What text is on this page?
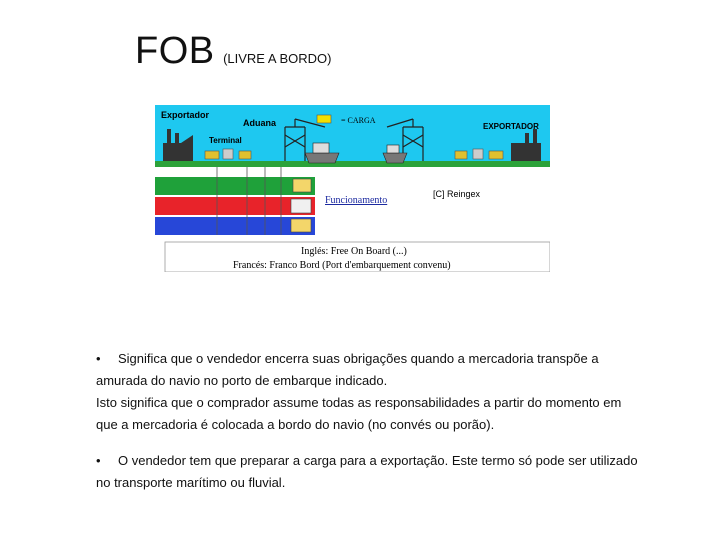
FOB (LIVRE A BORDO)
Exportador
Aduana
Terminal
= CARGA
EXPORTADOR
Funcionamento
[C] Reingex
Inglés: Free On Board (...)
Francés: Franco Bord (Port d'embarquement convenu)
• Significa que o vendedor encerra suas obrigações quando a mercadoria transpõe a
amurada do navio no porto de embarque indicado.
Isto significa que o comprador assume todas as responsabilidades a partir do momento em
que a mercadoria é colocada a bordo do navio (no convés ou porão).
• O vendedor tem que preparar a carga para a exportação. Este termo só pode ser utilizado
no transporte marítimo ou fluvial.
